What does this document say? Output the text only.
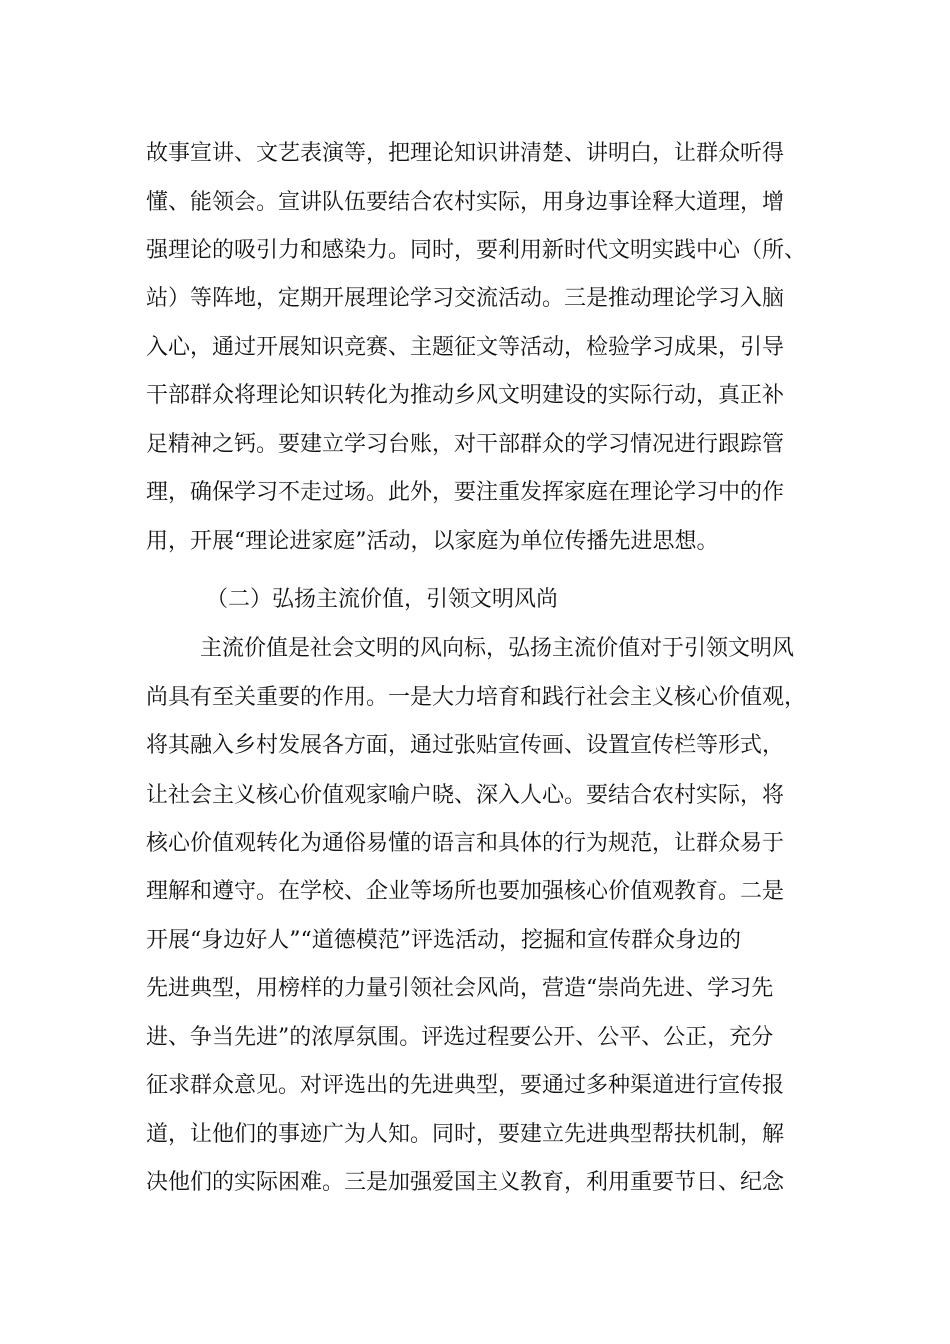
故事宣讲、文艺表演等，把理论知识讲清楚、讲明白，让群众听得
懂、能领会。宣讲队伍要结合农村实际，用身边事诠释大道理，增
强理论的吸引力和感染力。同时，要利用新时代文明实践中心（所、
站）等阵地，定期开展理论学习交流活动。三是推动理论学习入脑
入心，通过开展知识竞赛、主题征文等活动，检验学习成果，引导
干部群众将理论知识转化为推动乡风文明建设的实际行动，真正补
足精神之钙。要建立学习台账，对干部群众的学习情况进行跟踪管
理，确保学习不走过场。此外，要注重发挥家庭在理论学习中的作
用，开展“理论进家庭”活动，以家庭为单位传播先进思想。
（二）弘扬主流价值，引领文明风尚
主流价值是社会文明的风向标，弘扬主流价值对于引领文明风
尚具有至关重要的作用。一是大力培育和践行社会主义核心价值观，
将其融入乡村发展各方面，通过张贴宣传画、设置宣传栏等形式，
让社会主义核心价值观家喻户晓、深入人心。要结合农村实际，将
核心价值观转化为通俗易懂的语言和具体的行为规范，让群众易于
理解和遵守。在学校、企业等场所也要加强核心价值观教育。二是
开展“身边好人”“道德模范”评选活动，挖掘和宣传群众身边的
先进典型，用榜样的力量引领社会风尚，营造“崇尚先进、学习先
进、争当先进”的浓厚氛围。评选过程要公开、公平、公正，充分
征求群众意见。对评选出的先进典型，要通过多种渠道进行宣传报
道，让他们的事迹广为人知。同时，要建立先进典型帮扶机制，解
决他们的实际困难。三是加强爱国主义教育，利用重要节日、纪念
